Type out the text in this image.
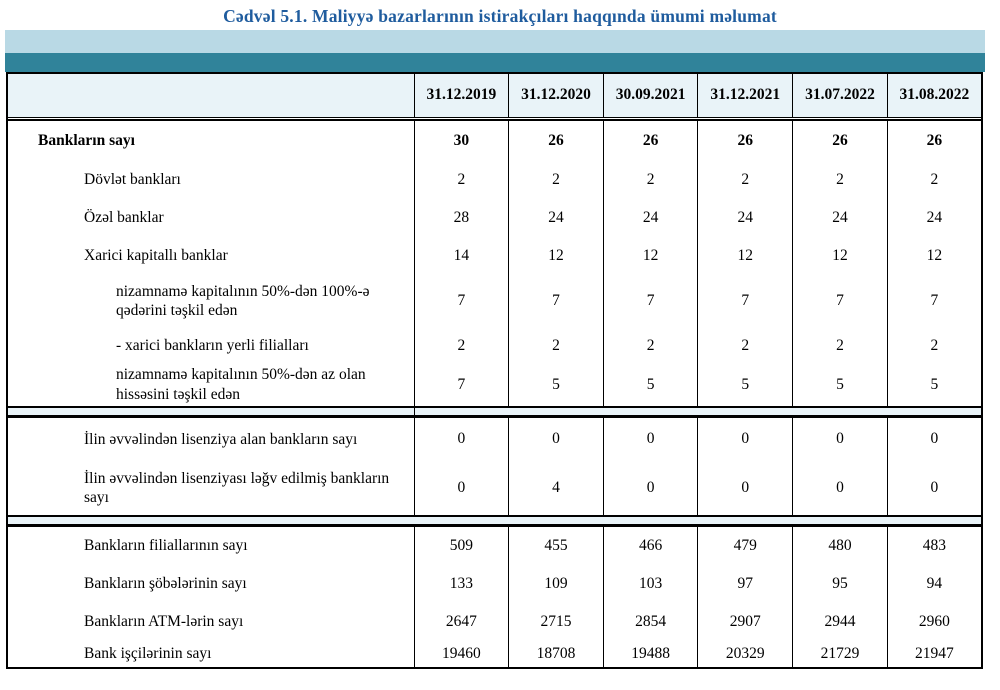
Cədvəl 5.1. Maliyyə bazarlarının istirakçıları haqqında ümumi məlumat
	31.12.2019	31.12.2020	30.09.2021	31.12.2021	31.07.2022	31.08.2022

Bankların sayı	30	26	26	26	26	26
Dövlət bankları	2	2	2	2	2	2
Özəl banklar	28	24	24	24	24	24
Xarici kapitallı banklar	14	12	12	12	12	12
nizamnamə kapitalının 50%-dən 100%-ə qədərini təşkil edən	7	7	7	7	7	7
- xarici bankların yerli filialları	2	2	2	2	2	2
nizamnamə kapitalının 50%-dən az olan hissəsini təşkil edən	7	5	5	5	5	5

İlin əvvəlindən lisenziya alan bankların sayı	0	0	0	0	0	0
İlin əvvəlindən lisenziyası ləğv edilmiş bankların sayı	0	4	0	0	0	0

Bankların filiallarının sayı	509	455	466	479	480	483
Bankların şöbələrinin sayı	133	109	103	97	95	94
Bankların ATM-lərin sayı	2647	2715	2854	2907	2944	2960
Bank işçilərinin sayı	19460	18708	19488	20329	21729	21947
